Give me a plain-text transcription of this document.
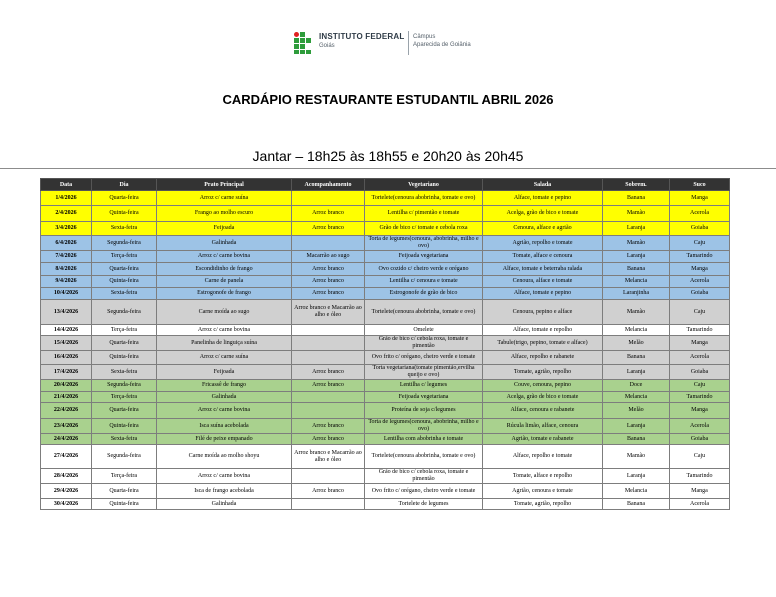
INSTITUTO FEDERAL
Goiás
Câmpus
Aparecida de Goiânia
CARDÁPIO RESTAURANTE ESTUDANTIL ABRIL 2026
Jantar – 18h25 às 18h55 e 20h20 às 20h45
Data	Dia	Prato Principal	Acompanhamento	Vegetariano	Salada	Sobrem.	Suco
1/4/2026	Quarta-feira	Arroz c/ carne suína		Tortelete(cenoura abobrinha, tomate e ovo)	Alface, tomate e pepino	Banana	Manga
2/4/2026	Quinta-feira	Frango ao molho escuro	Arroz branco	Lentilha c/ pimentão e tomate	Acelga, grão de bico e tomate	Mamão	Acerola
3/4/2026	Sexta-feira	Feijoada	Arroz branco	Grão de bico c/ tomate e cebola roxa	Cenoura, alface e agrião	Laranja	Goiaba
6/4/2026	Segunda-feira	Galinhada		Torta de legumes(cenoura, abobrinha, milho e ovo)	Agrião, repolho e tomate	Mamão	Caju
7/4/2026	Terça-feira	Arroz c/ carne bovina	Macarrão ao sugo	Feijoada vegetariana	Tomate, alface e cenoura	Laranja	Tamarindo
8/4/2026	Quarta-feira	Escondidinho de frango	Arroz branco	Ovo cozido c/ cheiro verde e orégano	Alface, tomate e beterraba ralada	Banana	Manga
9/4/2026	Quinta-feira	Carne de panela	Arroz branco	Lentilha c/ cenoura e tomate	Cenoura, alface e tomate	Melancia	Acerola
10/4/2026	Sexta-feira	Estrogonofe de frango	Arroz branco	Estrogonofe de grão de bico	Alface, tomate e pepino	Laranjinha	Goiaba
13/4/2026	Segunda-feira	Carne moída ao sugo	Arroz branco e Macarrão ao alho e óleo	Tortelete(cenoura abobrinha, tomate e ovo)	Cenoura, pepino e alface	Mamão	Caju
14/4/2026	Terça-feira	Arroz c/ carne bovina		Omelete	Alface, tomate e repolho	Melancia	Tamarindo
15/4/2026	Quarta-feira	Panelinha de linguiça suína		Grão de bico c/ cebola roxa, tomate e pimentão	Tabule(trigo, pepino, tomate e alface)	Melão	Manga
16/4/2026	Quinta-feira	Arroz c/ carne suína		Ovo frito c/ orégano, cheiro verde e tomate	Alface, repolho e rabanete	Banana	Acerola
17/4/2026	Sexta-feira	Feijoada	Arroz branco	Torta vegetariana(tomate pimentão,ervilha queijo e ovo)	Tomate, agrião, repolho	Laranja	Goiaba
20/4/2026	Segunda-feira	Fricassê de frango	Arroz branco	Lentilha c/ legumes	Couve, cenoura, pepino	Doce	Caju
21/4/2026	Terça-feira	Galinhada		Feijoada vegetariana	Acelga, grão de bico e tomate	Melancia	Tamarindo
22/4/2026	Quarta-feira	Arroz c/ carne bovina		Proteína de soja c/legumes	Alface, cenoura e rabanete	Melão	Manga
23/4/2026	Quinta-feira	Isca suína acebolada	Arroz branco	Torta de legumes(cenoura, abobrinha, milho e ovo)	Rúcula limão, alface, cenoura	Laranja	Acerola
24/4/2026	Sexta-feira	Filé de peixe empanado	Arroz branco	Lentilha com abobrinha e tomate	Agrião, tomate e rabanete	Banana	Goiaba
27/4/2026	Segunda-feira	Carne moída ao molho shoyu	Arroz branco e Macarrão ao alho e óleo	Tortelete(cenoura abobrinha, tomate e ovo)	Alface, repolho e tomate	Mamão	Caju
28/4/2026	Terça-feira	Arroz c/ carne bovina		Grão de bico c/ cebola roxa, tomate e pimentão	Tomate, alface e repolho	Laranja	Tamarindo
29/4/2026	Quarta-feira	Isca de frango acebolada	Arroz branco	Ovo frito c/ orégano, cheiro verde e tomate	Agrião, cenoura e tomate	Melancia	Manga
30/4/2026	Quinta-feira	Galinhada		Tortelete de legumes	Tomate, agrião, repolho	Banana	Acerola
